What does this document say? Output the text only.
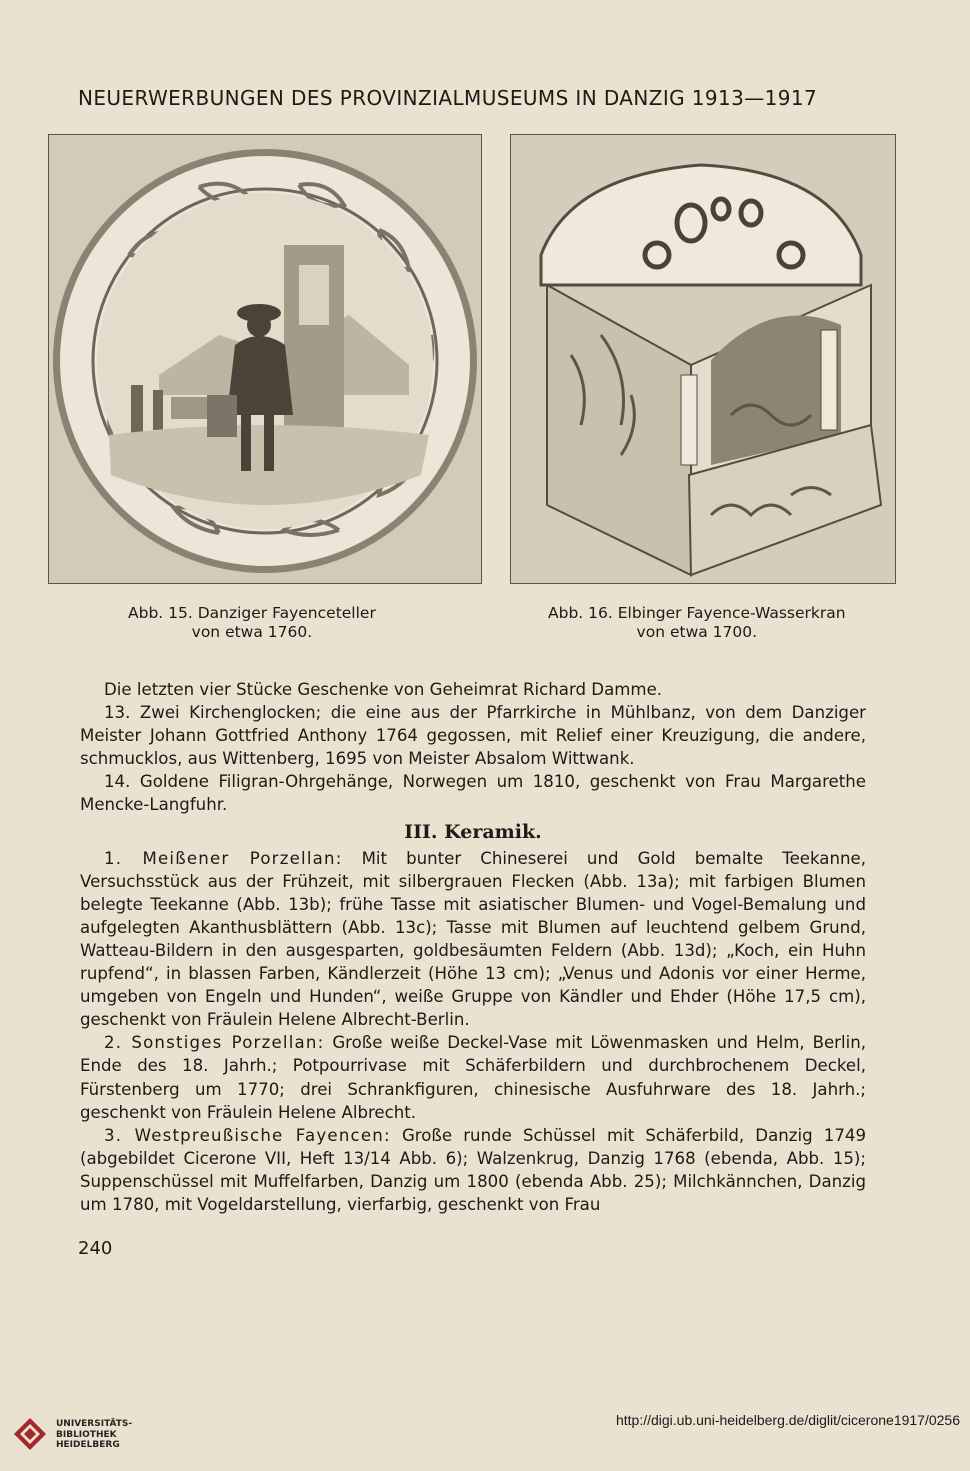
NEUERWERBUNGEN DES PROVINZIALMUSEUMS IN DANZIG 1913—1917
Abb. 15. Danziger Fayenceteller
von etwa 1760.
Abb. 16. Elbinger Fayence-Wasserkran
von etwa 1700.

Die letzten vier Stücke Geschenke von Geheimrat Richard Damme.

13. Zwei Kirchenglocken; die eine aus der Pfarrkirche in Mühlbanz, von dem Danziger Meister Johann Gottfried Anthony 1764 gegossen, mit Relief einer Kreuzigung, die andere, schmucklos, aus Wittenberg, 1695 von Meister Absalom Wittwank.

14. Goldene Filigran-Ohrgehänge, Norwegen um 1810, geschenkt von Frau Margarethe Mencke-Langfuhr.

III. Keramik.

1. Meißener Porzellan: Mit bunter Chineserei und Gold bemalte Teekanne, Versuchsstück aus der Frühzeit, mit silbergrauen Flecken (Abb. 13a); mit farbigen Blumen belegte Teekanne (Abb. 13b); frühe Tasse mit asiatischer Blumen- und Vogel-Bemalung und aufgelegten Akanthusblättern (Abb. 13c); Tasse mit Blumen auf leuchtend gelbem Grund, Watteau-Bildern in den ausgesparten, goldbesäumten Feldern (Abb. 13d); „Koch, ein Huhn rupfend“, in blassen Farben, Kändlerzeit (Höhe 13 cm); „Venus und Adonis vor einer Herme, umgeben von Engeln und Hunden“, weiße Gruppe von Kändler und Ehder (Höhe 17,5 cm), geschenkt von Fräulein Helene Albrecht-Berlin.

2. Sonstiges Porzellan: Große weiße Deckel-Vase mit Löwenmasken und Helm, Berlin, Ende des 18. Jahrh.; Potpourrivase mit Schäferbildern und durchbrochenem Deckel, Fürstenberg um 1770; drei Schrankfiguren, chinesische Ausfuhrware des 18. Jahrh.; geschenkt von Fräulein Helene Albrecht.

3. Westpreußische Fayencen: Große runde Schüssel mit Schäferbild, Danzig 1749 (abgebildet Cicerone VII, Heft 13/14 Abb. 6); Walzenkrug, Danzig 1768 (ebenda, Abb. 15); Suppenschüssel mit Muffelfarben, Danzig um 1800 (ebenda Abb. 25); Milchkännchen, Danzig um 1780, mit Vogeldarstellung, vierfarbig, geschenkt von Frau

240
UNIVERSITÄTS-
BIBLIOTHEK
HEIDELBERG
http://digi.ub.uni-heidelberg.de/diglit/cicerone1917/0256
